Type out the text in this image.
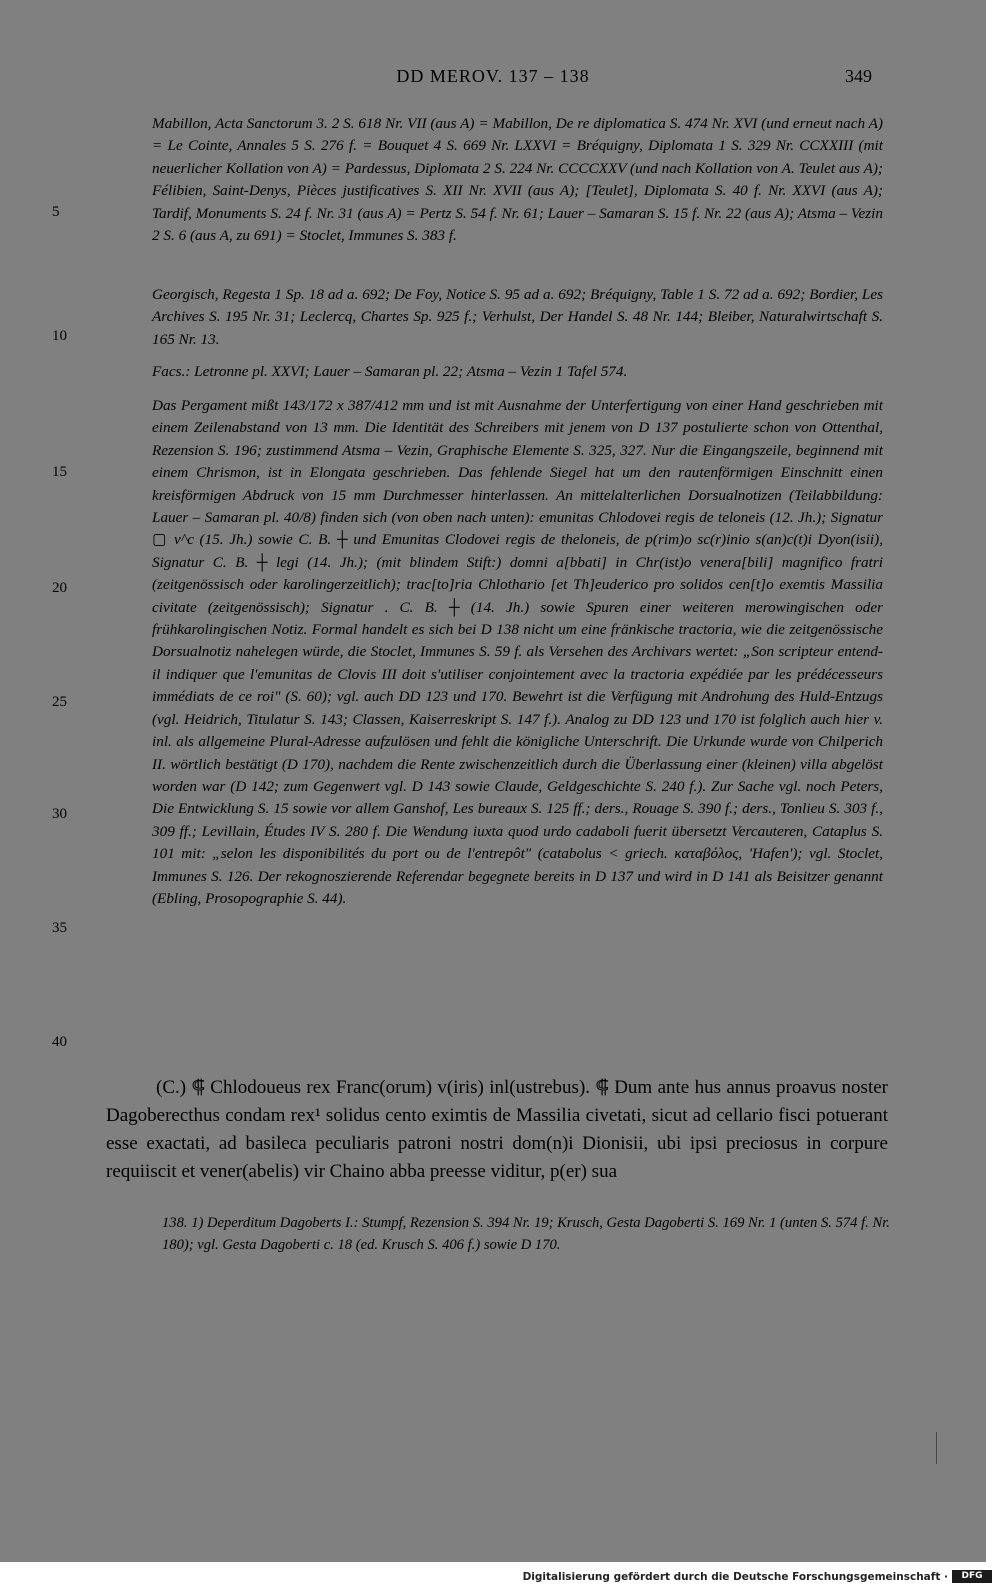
DD MEROV. 137 – 138	349
5
10
15
20
25
30
35
40

Mabillon, Acta Sanctorum 3. 2 S. 618 Nr. VII (aus A) = Mabillon, De re diplomatica S. 474 Nr. XVI (und erneut nach A) = Le Cointe, Annales 5 S. 276 f. = Bouquet 4 S. 669 Nr. LXXVI = Bréquigny, Diplomata 1 S. 329 Nr. CCXXIII (mit neuerlicher Kollation von A) = Pardessus, Diplomata 2 S. 224 Nr. CCCCXXV (und nach Kollation von A. Teulet aus A); Félibien, Saint-Denys, Pièces justificatives S. XII Nr. XVII (aus A); [Teulet], Diplomata S. 40 f. Nr. XXVI (aus A); Tardif, Monuments S. 24 f. Nr. 31 (aus A) = Pertz S. 54 f. Nr. 61; Lauer – Samaran S. 15 f. Nr. 22 (aus A); Atsma – Vezin 2 S. 6 (aus A, zu 691) = Stoclet, Immunes S. 383 f.

Georgisch, Regesta 1 Sp. 18 ad a. 692; De Foy, Notice S. 95 ad a. 692; Bréquigny, Table 1 S. 72 ad a. 692; Bordier, Les Archives S. 195 Nr. 31; Leclercq, Chartes Sp. 925 f.; Verhulst, Der Handel S. 48 Nr. 144; Bleiber, Naturalwirtschaft S. 165 Nr. 13.

Facs.: Letronne pl. XXVI; Lauer – Samaran pl. 22; Atsma – Vezin 1 Tafel 574.

Das Pergament mißt 143/172 x 387/412 mm und ist mit Ausnahme der Unterfertigung von einer Hand geschrieben mit einem Zeilenabstand von 13 mm. Die Identität des Schreibers mit jenem von D 137 postulierte schon von Ottenthal, Rezension S. 196; zustimmend Atsma – Vezin, Graphische Elemente S. 325, 327. Nur die Eingangszeile, beginnend mit einem Chrismon, ist in Elongata geschrieben. Das fehlende Siegel hat um den rautenförmigen Einschnitt einen kreisförmigen Abdruck von 15 mm Durchmesser hinterlassen. An mittelalterlichen Dorsualnotizen (Teilabbildung: Lauer – Samaran pl. 40/8) finden sich (von oben nach unten): emunitas Chlodovei regis de teloneis (12. Jh.); Signatur ▢ v^c (15. Jh.) sowie C. B. ┼ und Emunitas Clodovei regis de theloneis, de p(rim)o sc(r)inio s(an)c(t)i Dyon(isii), Signatur C. B. ┼ legi (14. Jh.); (mit blindem Stift:) domni a[bbati] in Chr(ist)o venera[bili] magnifico fratri (zeitgenössisch oder karolingerzeitlich); trac[to]ria Chlothario [et Th]euderico pro solidos cen[t]o exemtis Massilia civitate (zeitgenössisch); Signatur . C. B. ┼ (14. Jh.) sowie Spuren einer weiteren merowingischen oder frühkarolingischen Notiz. Formal handelt es sich bei D 138 nicht um eine fränkische tractoria, wie die zeitgenössische Dorsualnotiz nahelegen würde, die Stoclet, Immunes S. 59 f. als Versehen des Archivars wertet: „Son scripteur entend-il indiquer que l'emunitas de Clovis III doit s'utiliser conjointement avec la tractoria expédiée par les prédécesseurs immédiats de ce roi" (S. 60); vgl. auch DD 123 und 170. Bewehrt ist die Verfügung mit Androhung des Huld-Entzugs (vgl. Heidrich, Titulatur S. 143; Classen, Kaiserreskript S. 147 f.). Analog zu DD 123 und 170 ist folglich auch hier v. inl. als allgemeine Plural-Adresse aufzulösen und fehlt die königliche Unterschrift. Die Urkunde wurde von Chilperich II. wörtlich bestätigt (D 170), nachdem die Rente zwischenzeitlich durch die Überlassung einer (kleinen) villa abgelöst worden war (D 142; zum Gegenwert vgl. D 143 sowie Claude, Geldgeschichte S. 240 f.). Zur Sache vgl. noch Peters, Die Entwicklung S. 15 sowie vor allem Ganshof, Les bureaux S. 125 ff.; ders., Rouage S. 390 f.; ders., Tonlieu S. 303 f., 309 ff.; Levillain, Études IV S. 280 f. Die Wendung iuxta quod urdo cadaboli fuerit übersetzt Vercauteren, Cataplus S. 101 mit: „selon les disponibilités du port ou de l'entrepôt" (catabolus < griech. καταβόλος, 'Hafen'); vgl. Stoclet, Immunes S. 126. Der rekognoszierende Referendar begegnete bereits in D 137 und wird in D 141 als Beisitzer genannt (Ebling, Prosopographie S. 44).

(C.) ⸿ Chlodoueus rex Franc(orum) v(iris) inl(ustrebus). ⸿ Dum ante hus annus proavus noster Dagoberecthus condam rex¹ solidus cento eximtis de Massilia civetati, sicut ad cellario fisci potuerant esse exactati, ad basileca peculiaris patroni nostri dom(n)i Dionisii, ubi ipsi preciosus in corpure requiiscit et vener(abelis) vir Chaino abba preesse viditur, p(er) sua

138. 1) Deperditum Dagoberts I.: Stumpf, Rezension S. 394 Nr. 19; Krusch, Gesta Dagoberti S. 169 Nr. 1 (unten S. 574 f. Nr. 180); vgl. Gesta Dagoberti c. 18 (ed. Krusch S. 406 f.) sowie D 170.

Digitalisierung gefördert durch die Deutsche Forschungsgemeinschaft ·	DFG
